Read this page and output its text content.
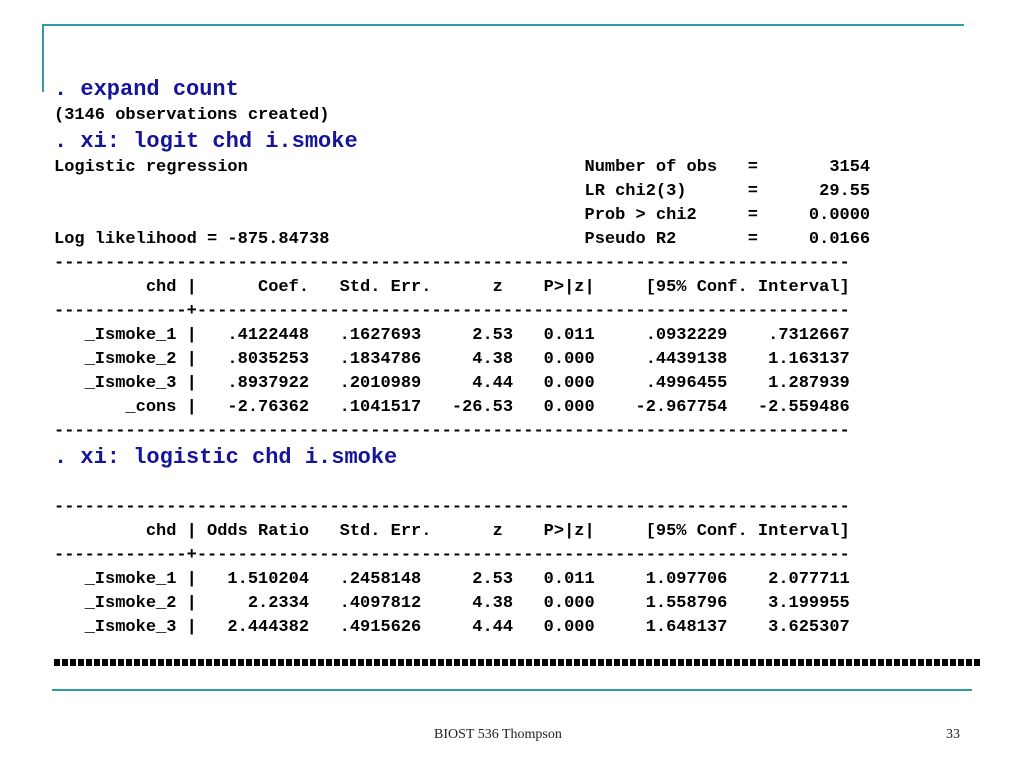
. expand count
(3146 observations created)
. xi: logit chd i.smoke
Logistic regression                                 Number of obs   =       3154
LR chi2(3)      =      29.55
Prob > chi2     =     0.0000
Log likelihood = -875.84738                         Pseudo R2       =     0.0166
------------------------------------------------------------------------------
chd |      Coef.   Std. Err.      z    P>|z|     [95% Conf. Interval]
-------------+----------------------------------------------------------------
_Ismoke_1 |   .4122448   .1627693     2.53   0.011     .0932229    .7312667
_Ismoke_2 |   .8035253   .1834786     4.38   0.000     .4439138    1.163137
_Ismoke_3 |   .8937922   .2010989     4.44   0.000     .4996455    1.287939
_cons |   -2.76362   .1041517   -26.53   0.000    -2.967754   -2.559486
------------------------------------------------------------------------------
. xi: logistic chd i.smoke
------------------------------------------------------------------------------
chd | Odds Ratio   Std. Err.      z    P>|z|     [95% Conf. Interval]
-------------+----------------------------------------------------------------
_Ismoke_1 |   1.510204   .2458148     2.53   0.011     1.097706    2.077711
_Ismoke_2 |     2.2334   .4097812     4.38   0.000     1.558796    3.199955
_Ismoke_3 |   2.444382   .4915626     4.44   0.000     1.648137    3.625307
BIOST 536 Thompson	33
